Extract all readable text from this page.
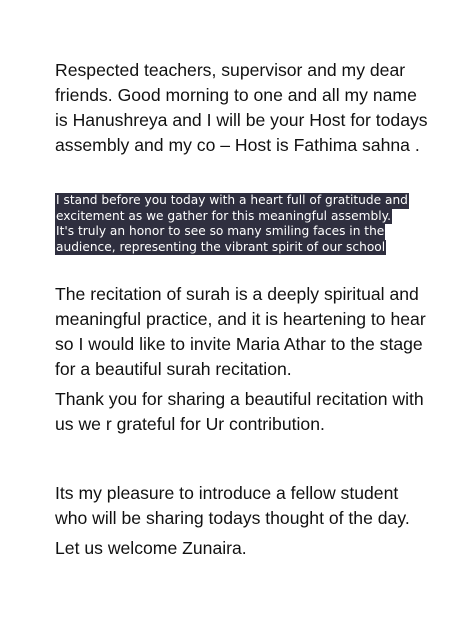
Respected teachers, supervisor and my dear
friends. Good morning to one and all my name
is Hanushreya and I will be your Host for todays
assembly and my co – Host is Fathima sahna .

I stand before you today with a heart full of gratitude and
excitement as we gather for this meaningful assembly.
It's truly an honor to see so many smiling faces in the
audience, representing the vibrant spirit of our school

The recitation of surah is a deeply spiritual and
meaningful practice, and it is heartening to hear
so I would like to invite Maria Athar to the stage
for a beautiful surah recitation.

Thank you for sharing a beautiful recitation with
us we r grateful for Ur contribution.

Its my pleasure to introduce a fellow student
who will be sharing todays thought of the day.

Let us welcome Zunaira.
